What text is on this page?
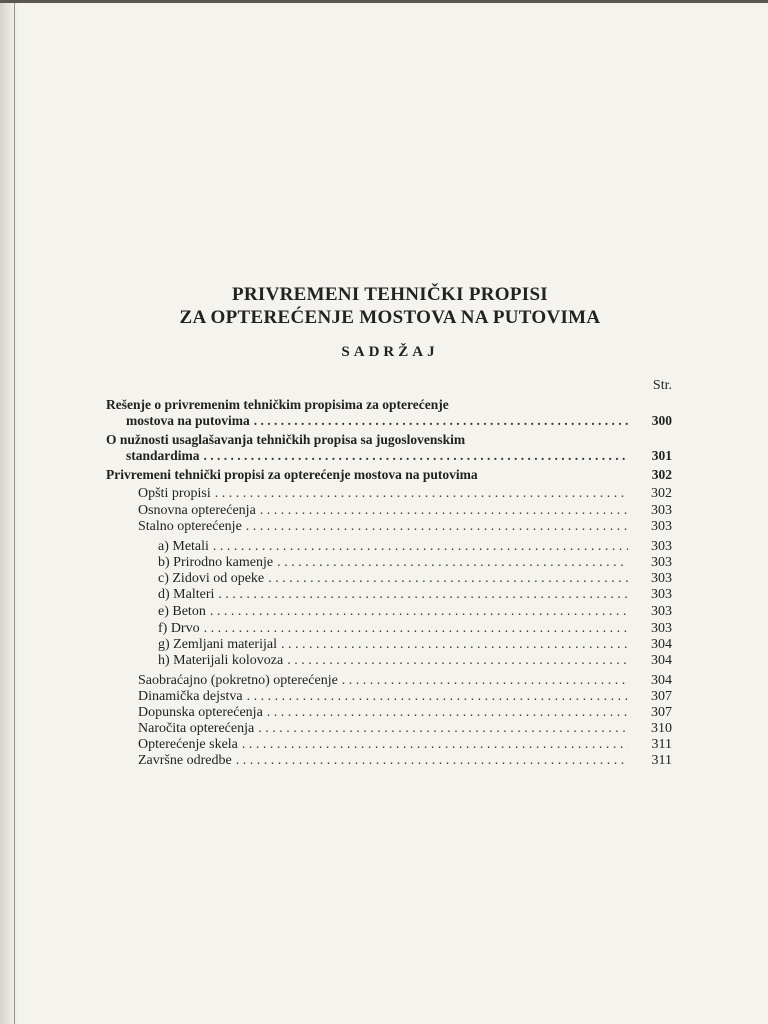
PRIVREMENI TEHNIČKI PROPISI
ZA OPTEREĆENJE MOSTOVA NA PUTOVIMA
SADRŽAJ
Str.
Rešenje o privremenim tehničkim propisima za opterećenje
mostova na putovima . . .	300
O nužnosti usaglašavanja tehničkih propisa sa jugoslovenskim
standardima . . .	301
Privremeni tehnički propisi za opterećenje mostova na putovima	302
Opšti propisi . . .	302
Osnovna opterećenja . . .	303
Stalno opterećenje . . .	303
a) Metali . . .	303
b) Prirodno kamenje . . .	303
c) Zidovi od opeke . . .	303
d) Malteri . . .	303
e) Beton . . .	303
f) Drvo . . .	303
g) Zemljani materijal . . .	304
h) Materijali kolovoza . . .	304
Saobraćajno (pokretno) opterećenje . . .	304
Dinamička dejstva . . .	307
Dopunska opterećenja . . .	307
Naročita opterećenja . . .	310
Opterećenje skela . . .	311
Završne odredbe . . .	311
